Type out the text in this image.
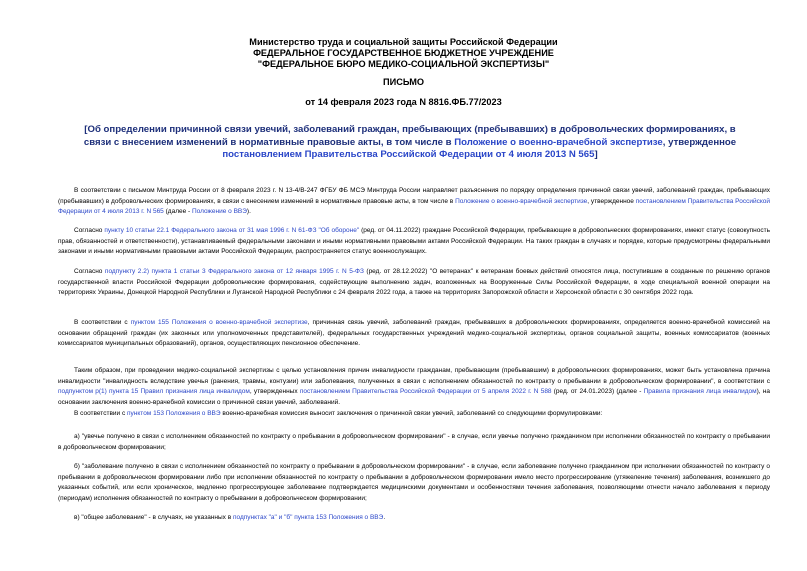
Министерство труда и социальной защиты Российской Федерации
ФЕДЕРАЛЬНОЕ ГОСУДАРСТВЕННОЕ БЮДЖЕТНОЕ УЧРЕЖДЕНИЕ
"ФЕДЕРАЛЬНОЕ БЮРО МЕДИКО-СОЦИАЛЬНОЙ ЭКСПЕРТИЗЫ"
ПИСЬМО
от 14 февраля 2023 года N 8816.ФБ.77/2023
[Об определении причинной связи увечий, заболеваний граждан, пребывающих (пребывавших) в добровольческих формированиях, в связи с внесением изменений в нормативные правовые акты, в том числе в Положение о военно-врачебной экспертизе, утвержденное постановлением Правительства Российской Федерации от 4 июля 2013 N 565]
В соответствии с письмом Минтруда России от 8 февраля 2023 г. N 13-4/В-247 ФГБУ ФБ МСЭ Минтруда России направляет разъяснения по порядку определения причинной связи увечий, заболеваний граждан, пребывающих (пребывавших) в добровольческих формированиях, в связи с внесением изменений в нормативные правовые акты, в том числе в Положение о военно-врачебной экспертизе, утвержденное постановлением Правительства Российской Федерации от 4 июля 2013 г. N 565 (далее - Положение о ВВЭ).
Согласно пункту 10 статьи 22.1 Федерального закона от 31 мая 1996 г. N 61-ФЗ "Об обороне" (ред. от 04.11.2022) граждане Российской Федерации, пребывающие в добровольческих формированиях, имеют статус (совокупность прав, обязанностей и ответственности), устанавливаемый федеральными законами и иными нормативными правовыми актами Российской Федерации. На таких граждан в случаях и порядке, которые предусмотрены федеральными законами и иными нормативными правовыми актами Российской Федерации, распространяется статус военнослужащих.
Согласно подпункту 2.2) пункта 1 статьи 3 Федерального закона от 12 января 1995 г. N 5-ФЗ (ред. от 28.12.2022) "О ветеранах" к ветеранам боевых действий относятся лица, поступившие в созданные по решению органов государственной власти Российской Федерации добровольческие формирования, содействующие выполнению задач, возложенных на Вооруженные Силы Российской Федерации, в ходе специальной военной операции на территориях Украины, Донецкой Народной Республики и Луганской Народной Республики с 24 февраля 2022 года, а также на территориях Запорожской области и Херсонской области с 30 сентября 2022 года.
В соответствии с пунктом 155 Положения о военно-врачебной экспертизе, причинная связь увечий, заболеваний граждан, пребывавших в добровольческих формированиях, определяется военно-врачебной комиссией на основании обращений граждан (их законных или уполномоченных представителей), федеральных государственных учреждений медико-социальной экспертизы, органов социальной защиты, военных комиссариатов (военных комиссариатов муниципальных образований), органов, осуществляющих пенсионное обеспечение.
Таким образом, при проведении медико-социальной экспертизы с целью установления причин инвалидности гражданам, пребывающим (пребывавшим) в добровольческих формированиях, может быть установлена причина инвалидности "инвалидность вследствие увечья (ранения, травмы, контузии) или заболевания, полученных в связи с исполнением обязанностей по контракту о пребывании в добровольческом формировании", в соответствии с подпунктом р(1) пункта 15 Правил признания лица инвалидом, утвержденных постановлением Правительства Российской Федерации от 5 апреля 2022 г. N 588 (ред. от 24.01.2023) (далее - Правила признания лица инвалидом), на основании заключения военно-врачебной комиссии о причинной связи увечий, заболеваний.
В соответствии с пунктом 153 Положения о ВВЭ военно-врачебная комиссия выносит заключения о причинной связи увечий, заболеваний со следующими формулировками:
а) "увечье получено в связи с исполнением обязанностей по контракту о пребывании в добровольческом формировании" - в случае, если увечье получено гражданином при исполнении обязанностей по контракту о пребывании в добровольческом формировании;
б) "заболевание получено в связи с исполнением обязанностей по контракту о пребывании в добровольческом формировании" - в случае, если заболевание получено гражданином при исполнении обязанностей по контракту о пребывании в добровольческом формировании либо при исполнении обязанностей по контракту о пребывании в добровольческом формировании имело место прогрессирование (утяжеление течения) заболевания, возникшего до указанных событий, или если хроническое, медленно прогрессирующее заболевание подтверждается медицинскими документами и особенностями течения заболевания, позволяющими отнести начало заболевания к периоду (периодам) исполнения обязанностей по контракту о пребывании в добровольческом формировании;
в) "общее заболевание" - в случаях, не указанных в подпунктах "а" и "б" пункта 153 Положения о ВВЭ.
